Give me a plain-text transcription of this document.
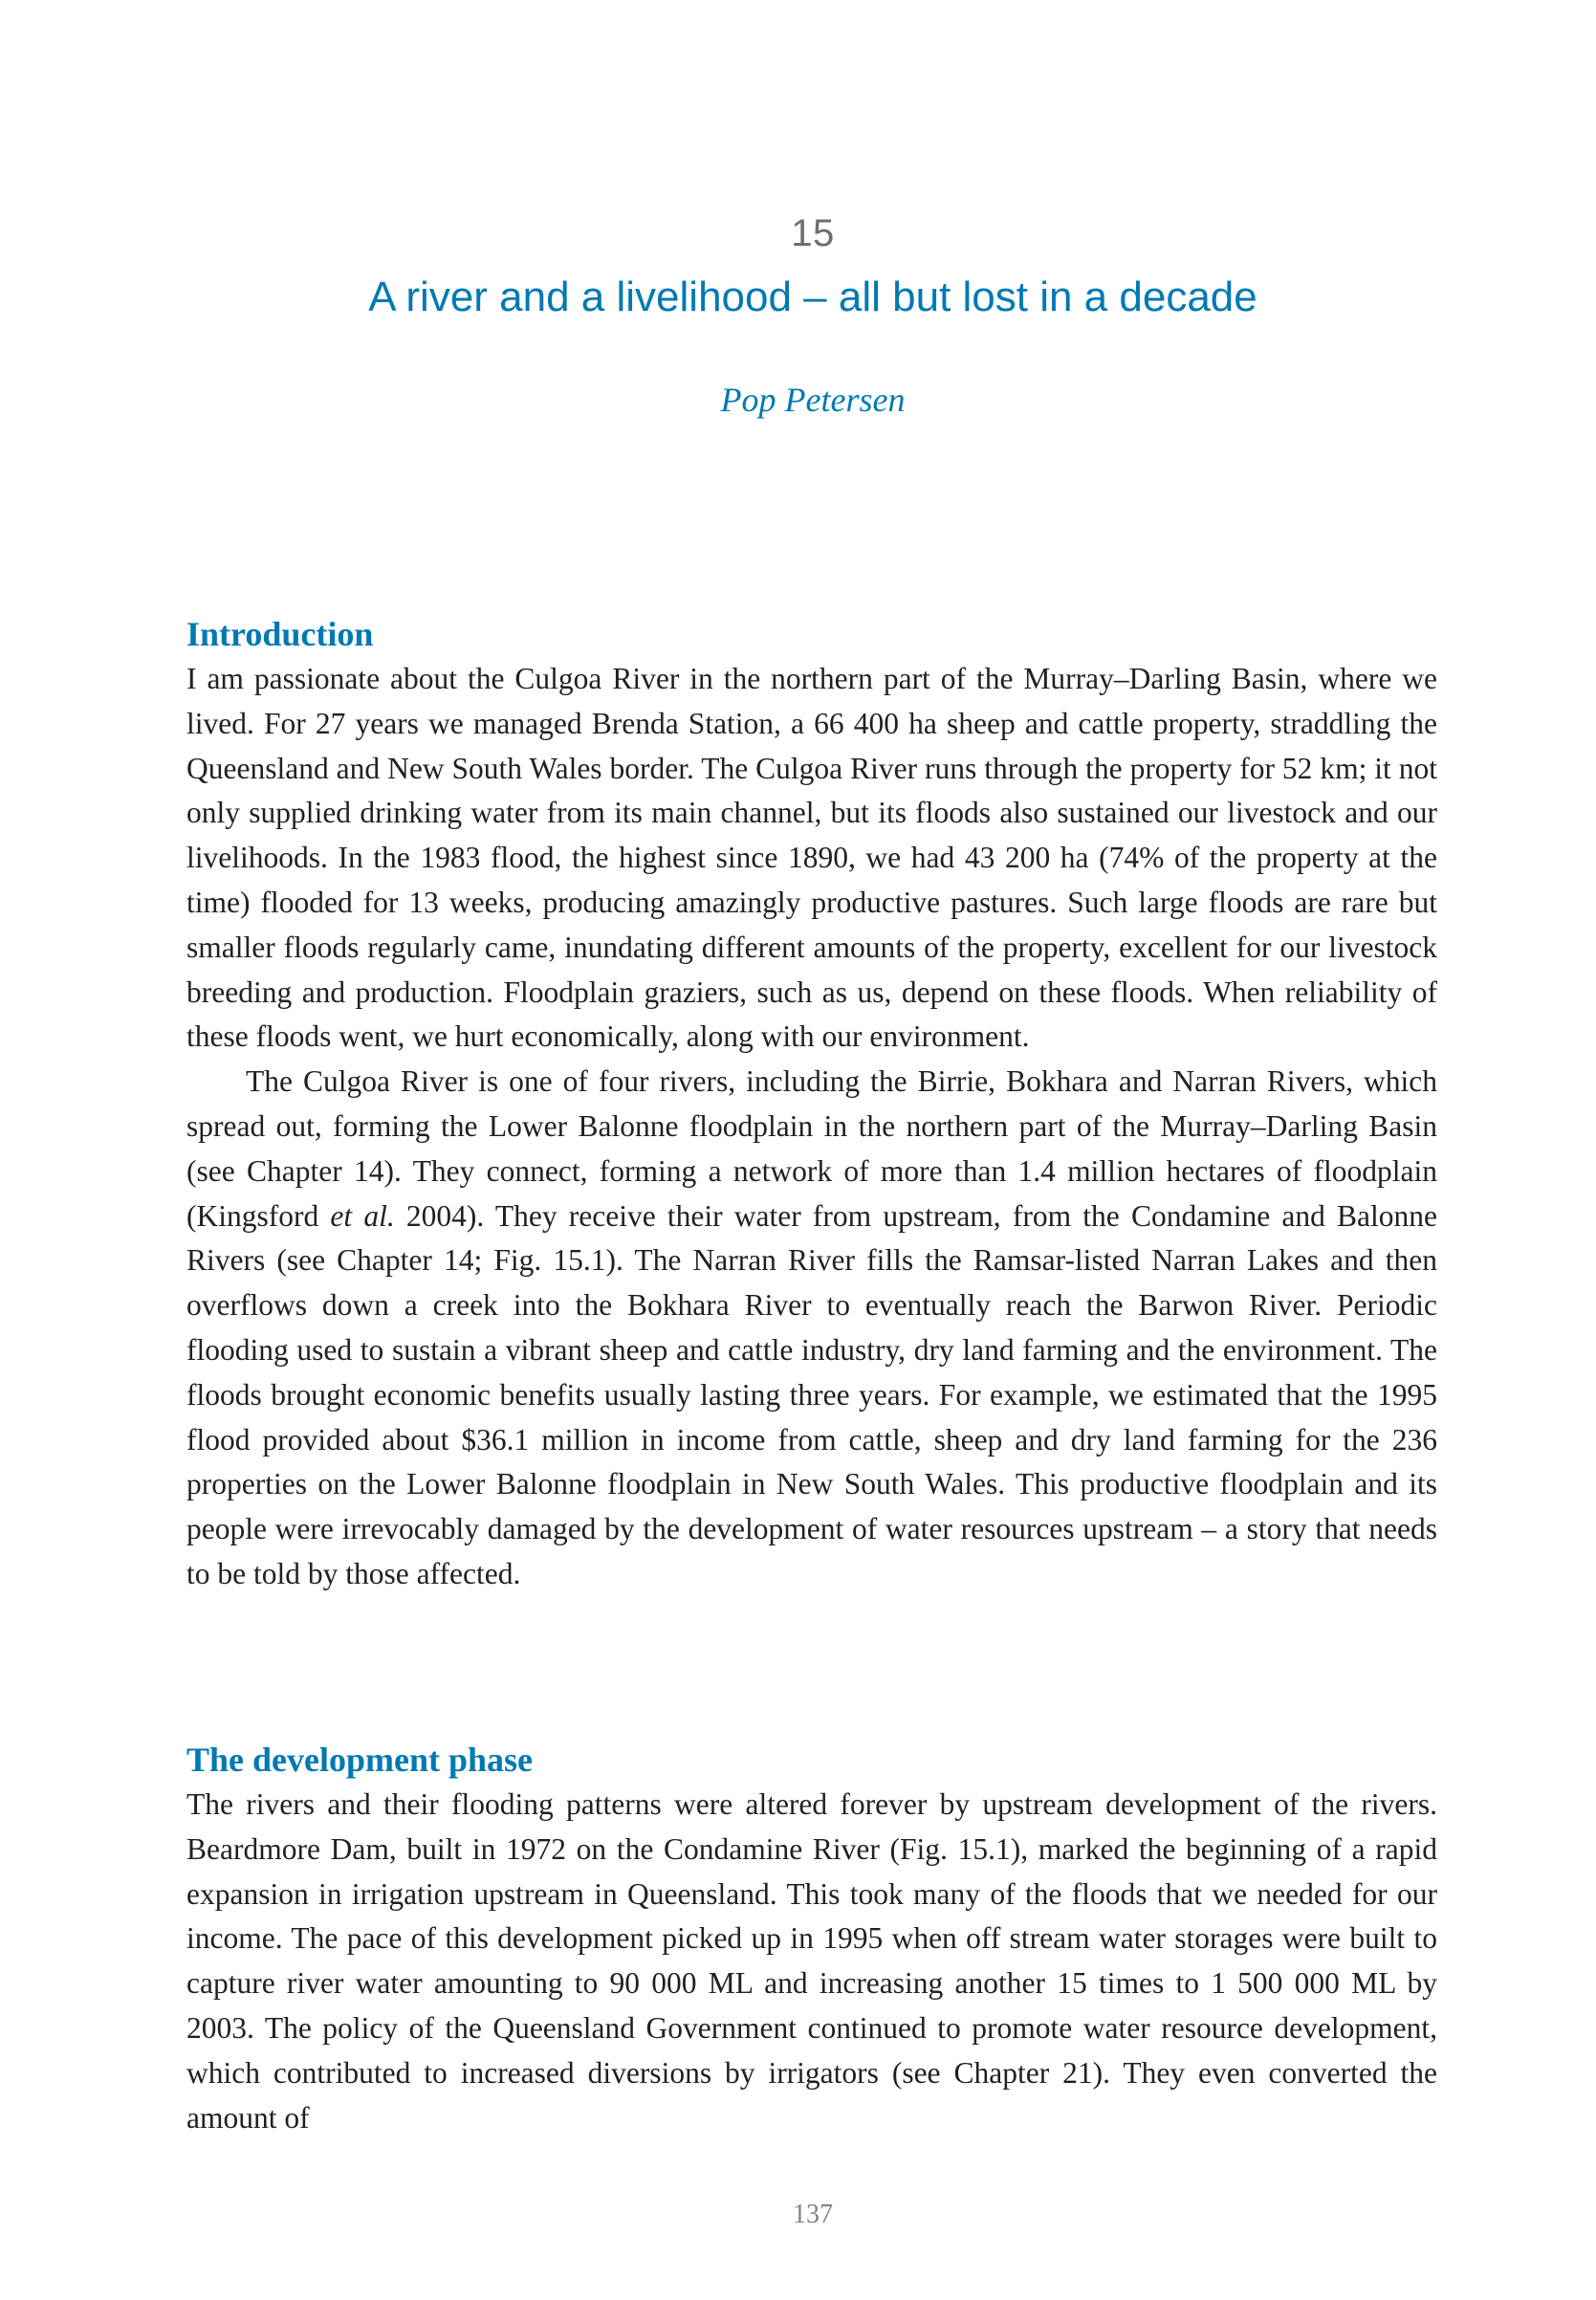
15
A river and a livelihood – all but lost in a decade
Pop Petersen
Introduction

I am passionate about the Culgoa River in the northern part of the Murray–Darling Basin, where we lived. For 27 years we managed Brenda Station, a 66 400 ha sheep and cattle property, straddling the Queensland and New South Wales border. The Culgoa River runs through the property for 52 km; it not only supplied drinking water from its main channel, but its floods also sustained our livestock and our livelihoods. In the 1983 flood, the highest since 1890, we had 43 200 ha (74% of the property at the time) flooded for 13 weeks, producing amazingly productive pastures. Such large floods are rare but smaller floods regularly came, inundating different amounts of the property, excellent for our livestock breeding and production. Floodplain graziers, such as us, depend on these floods. When reliability of these floods went, we hurt economically, along with our environment.

The Culgoa River is one of four rivers, including the Birrie, Bokhara and Narran Rivers, which spread out, forming the Lower Balonne floodplain in the northern part of the Murray–Darling Basin (see Chapter 14). They connect, forming a network of more than 1.4 million hectares of floodplain (Kingsford et al. 2004). They receive their water from upstream, from the Condamine and Balonne Rivers (see Chapter 14; Fig. 15.1). The Narran River fills the Ramsar-listed Narran Lakes and then overflows down a creek into the Bokhara River to eventually reach the Barwon River. Periodic flooding used to sustain a vibrant sheep and cattle industry, dry land farming and the environment. The floods brought economic benefits usually lasting three years. For example, we estimated that the 1995 flood provided about $36.1 million in income from cattle, sheep and dry land farming for the 236 properties on the Lower Balonne floodplain in New South Wales. This productive floodplain and its people were irrevocably damaged by the development of water resources upstream – a story that needs to be told by those affected.

The development phase

The rivers and their flooding patterns were altered forever by upstream development of the rivers. Beardmore Dam, built in 1972 on the Condamine River (Fig. 15.1), marked the beginning of a rapid expansion in irrigation upstream in Queensland. This took many of the floods that we needed for our income. The pace of this development picked up in 1995 when off stream water storages were built to capture river water amounting to 90 000 ML and increasing another 15 times to 1 500 000 ML by 2003. The policy of the Queensland Government continued to promote water resource development, which contributed to increased diversions by irrigators (see Chapter 21). They even converted the amount of

137
